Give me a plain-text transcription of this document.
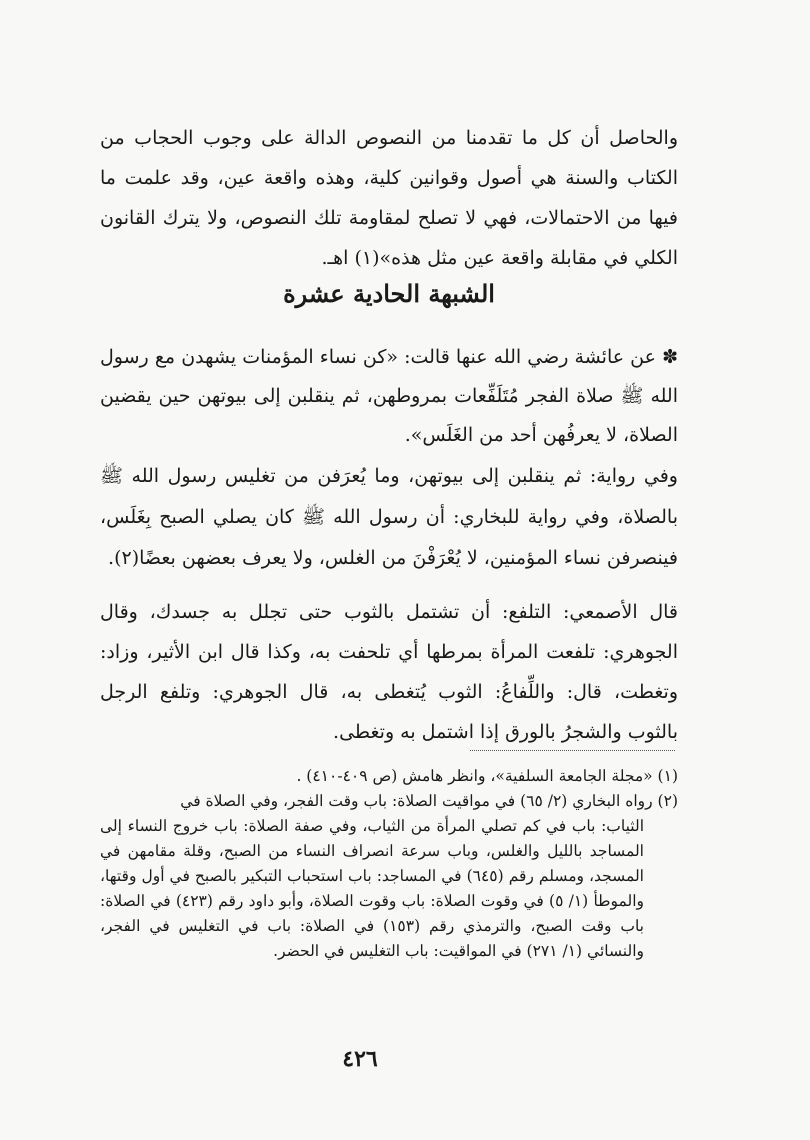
والحاصل أن كل ما تقدمنا من النصوص الدالة على وجوب الحجاب من الكتاب والسنة هي أصول وقوانين كلية، وهذه واقعة عين، وقد علمت ما فيها من الاحتمالات، فهي لا تصلح لمقاومة تلك النصوص، ولا يترك القانون الكلي في مقابلة واقعة عين مثل هذه»(١) اهـ.

الشبهة الحادية عشرة

✽ عن عائشة رضي الله عنها قالت: «كن نساء المؤمنات يشهدن مع رسول الله ﷺ صلاة الفجر مُتَلَفِّعات بمروطهن، ثم ينقلبن إلى بيوتهن حين يقضين الصلاة، لا يعرفُهن أحد من الغَلَس».

وفي رواية: ثم ينقلبن إلى بيوتهن، وما يُعرَفن من تغليس رسول الله ﷺ بالصلاة، وفي رواية للبخاري: أن رسول الله ﷺ كان يصلي الصبح بِغَلَس، فينصرفن نساء المؤمنين، لا يُعْرَفْنَ من الغلس، ولا يعرف بعضهن بعضًا(٢).

قال الأصمعي: التلفع: أن تشتمل بالثوب حتى تجلل به جسدك، وقال الجوهري: تلفعت المرأة بمرطها أي تلحفت به، وكذا قال ابن الأثير، وزاد: وتغطت، قال: واللِّفاعُ: الثوب يُتغطى به، قال الجوهري: وتلفع الرجل بالثوب والشجرُ بالورق إذا اشتمل به وتغطى.

(١) «مجلة الجامعة السلفية»، وانظر هامش (ص ٤٠٩-٤١٠) .

(٢) رواه البخاري (٢/ ٦٥) في مواقيت الصلاة: باب وقت الفجر، وفي الصلاة في
الثياب: باب في كم تصلي المرأة من الثياب، وفي صفة الصلاة: باب خروج النساء إلى المساجد بالليل والغلس، وباب سرعة انصراف النساء من الصبح، وقلة مقامهن في المسجد، ومسلم رقم (٦٤٥) في المساجد: باب استحباب التبكير بالصبح في أول وقتها، والموطأ (١/ ٥) في وقوت الصلاة: باب وقوت الصلاة، وأبو داود رقم (٤٢٣) في الصلاة: باب وقت الصبح، والترمذي رقم (١٥٣) في الصلاة: باب في التغليس في الفجر، والنسائي (١/ ٢٧١) في المواقيت: باب التغليس في الحضر.

٤٢٦
